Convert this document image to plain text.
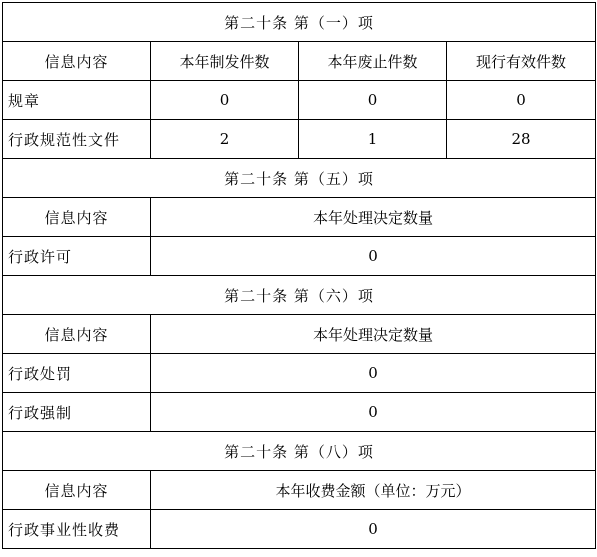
第二十条 第（一）项			
信息内容	本年制发件数	本年废止件数	现行有效件数
规章	0	0	0
行政规范性文件	2	1	28
第二十条 第（五）项			
信息内容	本年处理决定数量		
行政许可	0		
第二十条 第（六）项			
信息内容	本年处理决定数量		
行政处罚	0		
行政强制	0		
第二十条 第（八）项			
信息内容	本年收费金额（单位：万元）		
行政事业性收费	0		
